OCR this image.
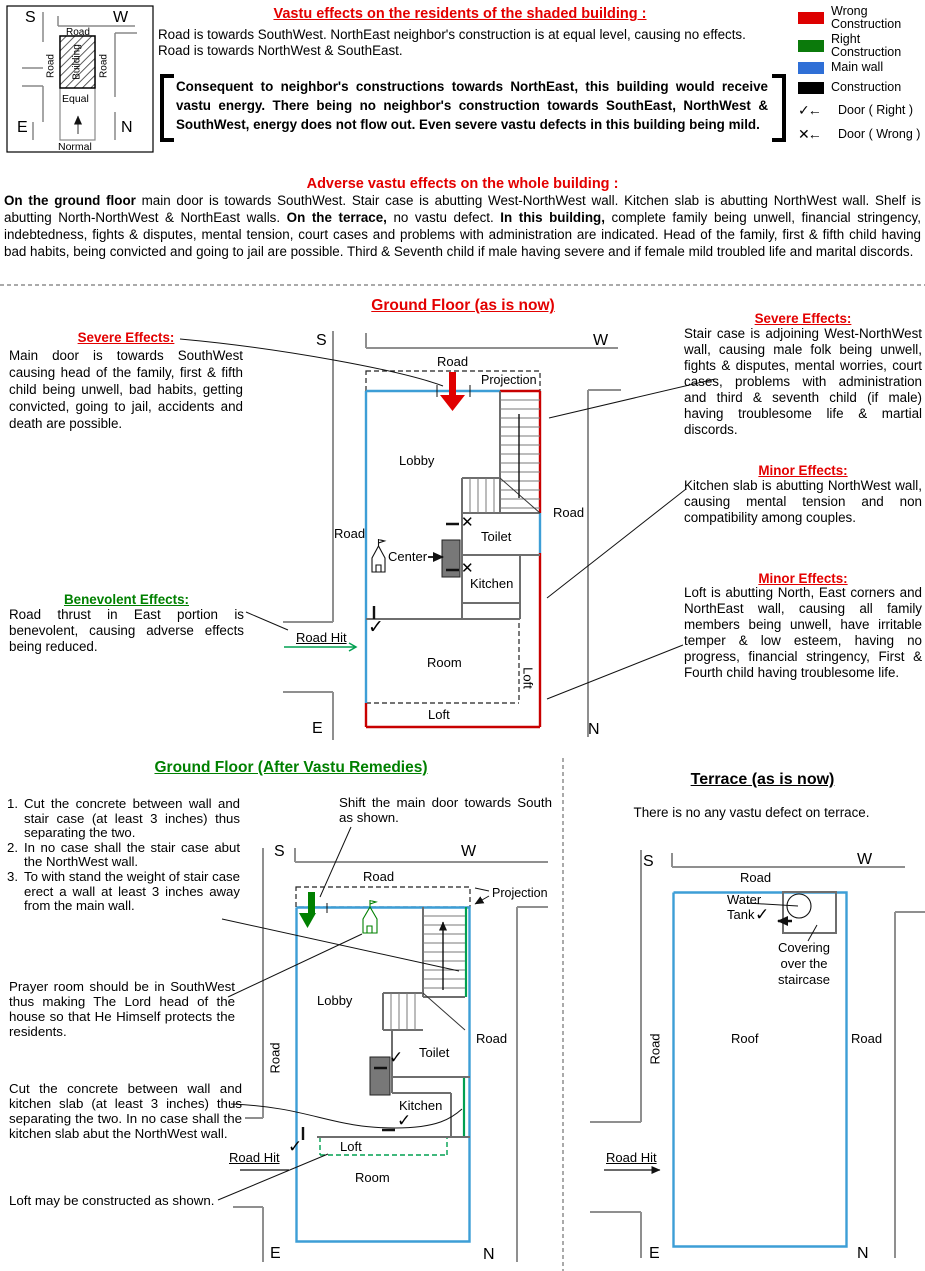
S	W
E	N
Road
Building
Road	Road
Equal
Normal
Vastu effects on the residents of the shaded building :
Road is towards SouthWest. NorthEast neighbor's construction is at equal level, causing no effects.
Road is towards NorthWest & SouthEast.
Consequent to neighbor's constructions towards NorthEast, this building would receive vastu energy. There being no neighbor's construction towards SouthEast, NorthWest & SouthWest, energy does not flow out. Even severe vastu defects in this building being mild.
Wrong Construction
Right Construction
Main wall
Construction
✓←	Door ( Right )
✕←	Door ( Wrong )
Adverse vastu effects on the whole building :
On the ground floor main door is towards SouthWest. Stair case is abutting West-NorthWest wall. Kitchen slab is abutting NorthWest wall. Shelf is abutting North-NorthWest & NorthEast walls. On the terrace, no vastu defect. In this building, complete family being unwell, financial stringency, indebtedness, fights & disputes, mental tension, court cases and problems with administration are indicated. Head of the family, first & fifth child having bad habits, being convicted and going to jail are possible. Third & Seventh child if male having severe and if female mild troubled life and marital discords.
Ground Floor (as is now)
Severe Effects:
Main door is towards SouthWest causing head of the family, first & fifth child being unwell, bad habits, getting convicted, going to jail, accidents and death are possible.
Severe Effects:
Stair case is adjoining West-NorthWest wall, causing male folk being unwell, fights & disputes, mental worries, court cases, problems with administration and third & seventh child (if male) having troublesome life & martial discords.
Minor Effects:
Kitchen slab is abutting NorthWest wall, causing mental tension and non compatibility among couples.
Minor Effects:
Loft is abutting North, East corners and NorthEast wall, causing all family members being unwell, have irritable temper & low esteem, having no progress, financial stringency, First & Fourth child having troublesome life.
Benevolent Effects:
Road thrust in East portion is benevolent, causing adverse effects being reduced.
S	W
E	N
Road
Projection
Lobby
Road
Road
Center
Toilet
Kitchen
Room
Loft
Loft
Road Hit
✕
✕
✓
Ground Floor (After Vastu Remedies)
1. Cut the concrete between wall and stair case (at least 3 inches) thus separating the two.
2. In no case shall the stair case abut the NorthWest wall.
3. To with stand the weight of stair case erect a wall at least 3 inches away from the main wall.
Shift the main door towards South as shown.
Prayer room should be in SouthWest thus making The Lord head of the house so that He Himself protects the residents.
Cut the concrete between wall and kitchen slab (at least 3 inches) thus separating the two. In no case shall the kitchen slab abut the NorthWest wall.
Loft may be constructed as shown.
S	W
E	N
Road
Projection
Lobby
Road
Road
Toilet
Kitchen
Loft
Room
Road Hit
✓
✓
✓
Terrace (as is now)
There is no any vastu defect on terrace.
S	W
E	N
Road
Water Tank
Covering over the staircase
Roof
Road	Road
Road Hit
✓
